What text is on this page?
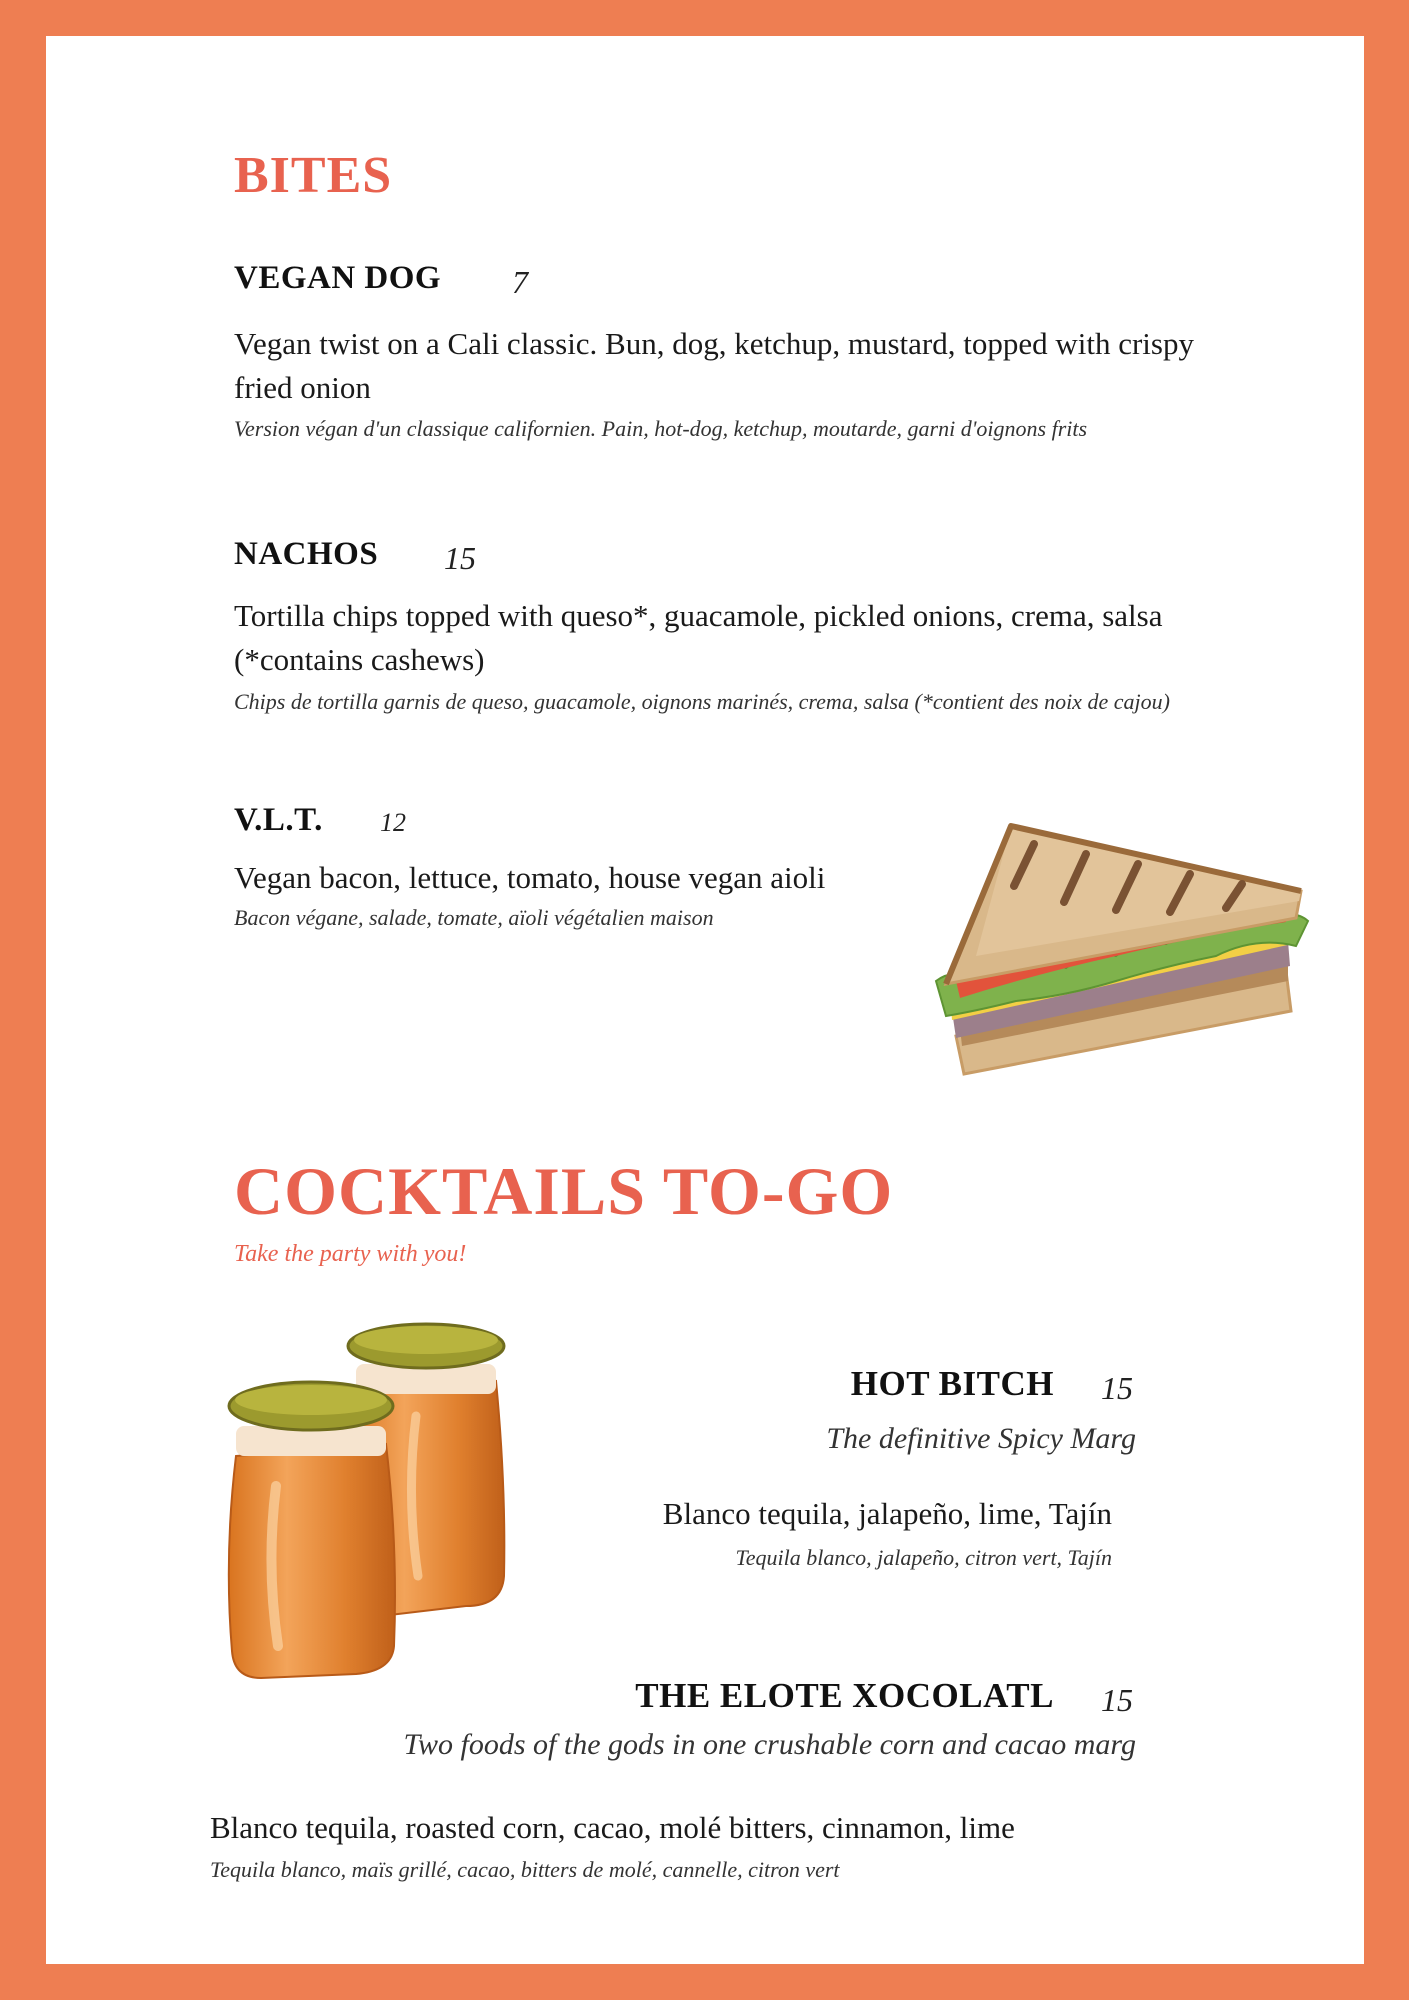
BITES
VEGAN DOG 7
Vegan twist on a Cali classic. Bun, dog, ketchup, mustard, topped with crispy fried onion
Version végan d'un classique californien. Pain, hot-dog, ketchup, moutarde, garni d'oignons frits
NACHOS 15
Tortilla chips topped with queso*, guacamole, pickled onions, crema, salsa (*contains cashews)
Chips de tortilla garnis de queso, guacamole, oignons marinés, crema, salsa (*contient des noix de cajou)
V.L.T. 12
Vegan bacon, lettuce, tomato, house vegan aioli
Bacon végane, salade, tomate, aïoli végétalien maison
COCKTAILS TO-GO
Take the party with you!
HOT BITCH 15
The definitive Spicy Marg
Blanco tequila, jalapeño, lime, Tajín
Tequila blanco, jalapeño, citron vert, Tajín
THE ELOTE XOCOLATL 15
Two foods of the gods in one crushable corn and cacao marg
Blanco tequila, roasted corn, cacao, molé bitters, cinnamon, lime
Tequila blanco, maïs grillé, cacao, bitters de molé, cannelle, citron vert
